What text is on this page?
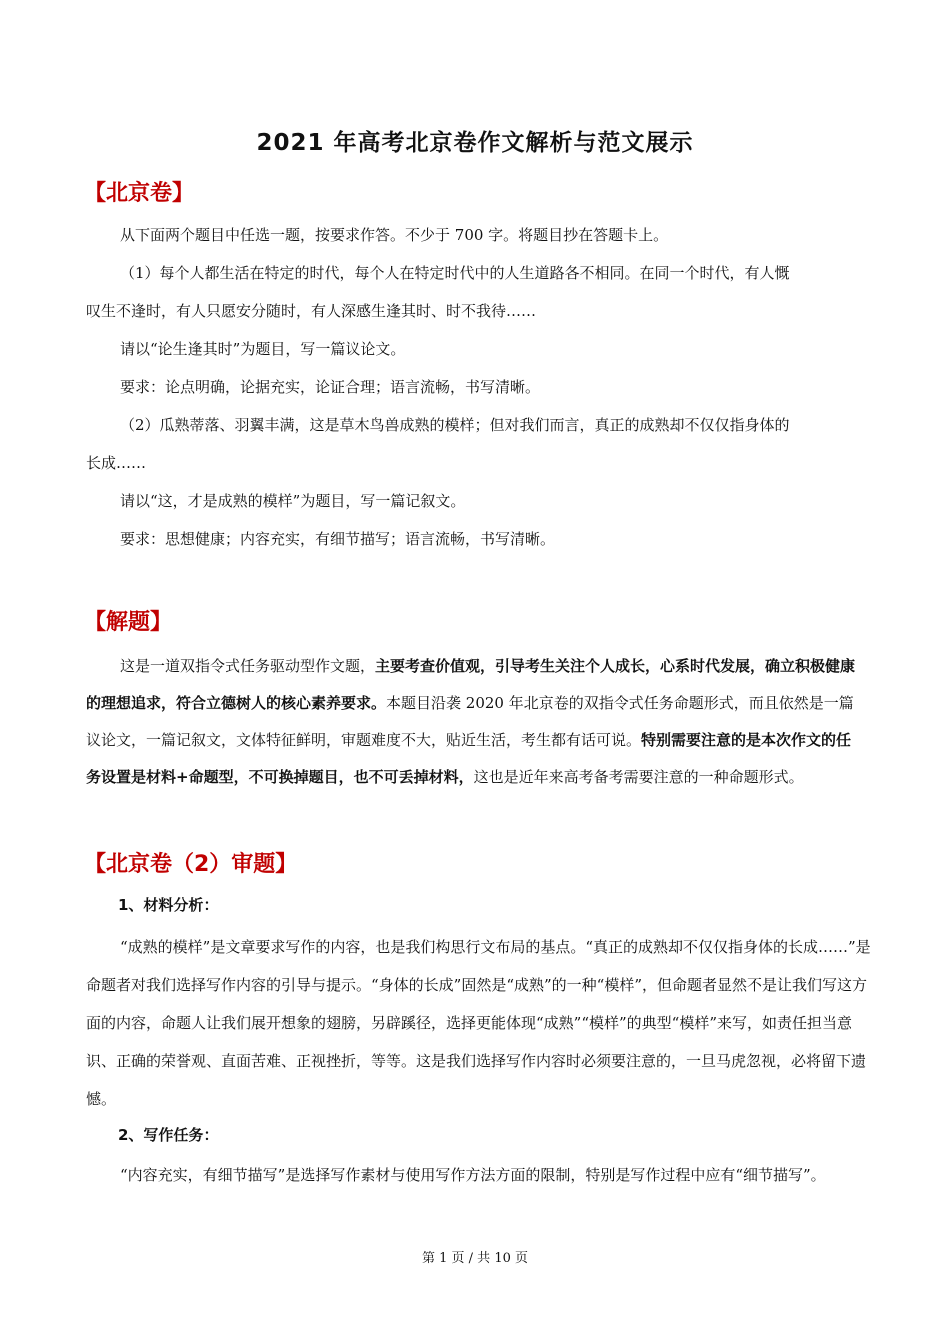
2021 年高考北京卷作文解析与范文展示
【北京卷】
从下面两个题目中任选一题，按要求作答。不少于 700 字。将题目抄在答题卡上。
（1）每个人都生活在特定的时代，每个人在特定时代中的人生道路各不相同。在同一个时代，有人慨
叹生不逢时，有人只愿安分随时，有人深感生逢其时、时不我待……
请以“论生逢其时”为题目，写一篇议论文。
要求：论点明确，论据充实，论证合理；语言流畅，书写清晰。
（2）瓜熟蒂落、羽翼丰满，这是草木鸟兽成熟的模样；但对我们而言，真正的成熟却不仅仅指身体的
长成……
请以“这，才是成熟的模样”为题目，写一篇记叙文。
要求：思想健康；内容充实，有细节描写；语言流畅，书写清晰。
【解题】
这是一道双指令式任务驱动型作文题，主要考查价值观，引导考生关注个人成长，心系时代发展，确立积极健康的理想追求，符合立德树人的核心素养要求。本题目沿袭 2020 年北京卷的双指令式任务命题形式，而且依然是一篇议论文，一篇记叙文，文体特征鲜明，审题难度不大，贴近生活，考生都有话可说。特别需要注意的是本次作文的任务设置是材料+命题型，不可换掉题目，也不可丢掉材料，这也是近年来高考备考需要注意的一种命题形式。
【北京卷（2）审题】
1、材料分析：
“成熟的模样”是文章要求写作的内容，也是我们构思行文布局的基点。“真正的成熟却不仅仅指身体的长成……”是命题者对我们选择写作内容的引导与提示。“身体的长成”固然是“成熟”的一种“模样”，但命题者显然不是让我们写这方面的内容，命题人让我们展开想象的翅膀，另辟蹊径，选择更能体现“成熟”“模样”的典型“模样”来写，如责任担当意识、正确的荣誉观、直面苦难、正视挫折，等等。这是我们选择写作内容时必须要注意的，一旦马虎忽视，必将留下遗憾。
2、写作任务：
“内容充实，有细节描写”是选择写作素材与使用写作方法方面的限制，特别是写作过程中应有“细节描写”。
第 1 页 / 共 10 页
